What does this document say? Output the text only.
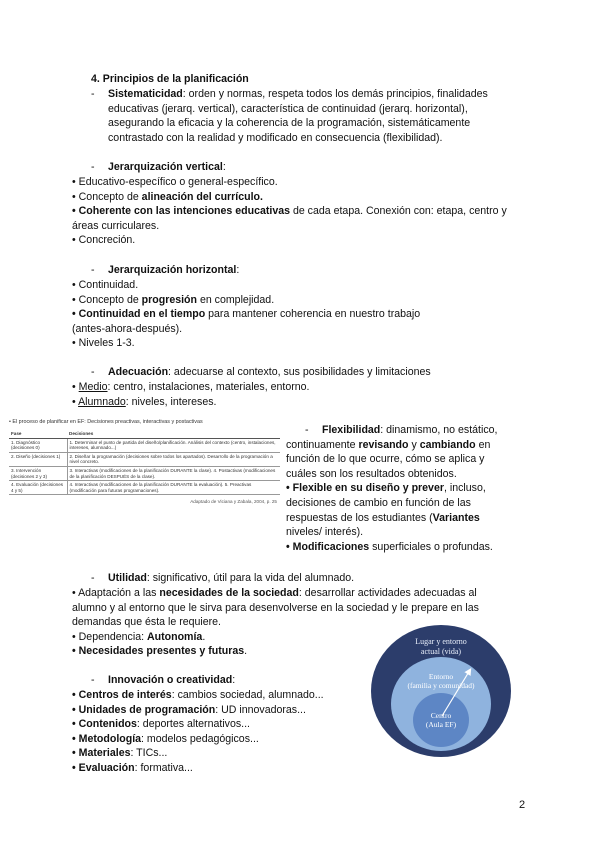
4. Principios de la planificación
- Sistematicidad: orden y normas, respeta todos los demás principios, finalidades

educativas (jerarq. vertical), característica de continuidad (jerarq. horizontal),

asegurando la eficacia y la coherencia de la programación, sistemáticamente

contrastado con la realidad y modificado en consecuencia (flexibilidad).

- Jerarquización vertical:

• Educativo-específico o general-específico.

• Concepto de alineación del currículo.

• Coherente con las intenciones educativas de cada etapa. Conexión con: etapa, centro y

áreas curriculares.

• Concreción.

- Jerarquización horizontal:

• Continuidad.

• Concepto de progresión en complejidad.

• Continuidad en el tiempo para mantener coherencia en nuestro trabajo

(antes-ahora-después).

• Niveles 1-3.

- Adecuación: adecuarse al contexto, sus posibilidades y limitaciones

• Medio: centro, instalaciones, materiales, entorno.

• Alumnado: niveles, intereses.

• El proceso de planificar en EF: Decisiones preactivas, interactivas y postactivas
Fase	Decisiones
1. Diagnóstico (decisiones 0)	1. Determinar el punto de partida del diseño/planificación. Análisis del contexto (centro, instalaciones, intereses, alumnado...)
2. Diseño (decisiones 1)	2. Diseñar la programación (decisiones sobre todos los apartados). Desarrollo de la programación a nivel concreto.
3. Intervención (decisiones 2 y 3)	3. Interactivas (modificaciones de la planificación DURANTE la clase). 4. Postactivas (modificaciones de la planificación DESPUÉS de la clase).
4. Evaluación (decisiones 4 y 5)	4. Interactivas (modificaciones de la planificación DURANTE la evaluación). 5. Preactivas (modificación para futuras programaciones).
Adaptado de Viciana y Zabala, 2004, p. 25
-	Flexibilidad: dinamismo, no estático,

continuamente revisando y cambiando en

función de lo que ocurre, cómo se aplica y

cuáles son los resultados obtenidos.

• Flexible en su diseño y prever, incluso,

decisiones de cambio en función de las

respuestas de los estudiantes (Variantes

niveles/ interés).

• Modificaciones superficiales o profundas.

- Utilidad: significativo, útil para la vida del alumnado.

• Adaptación a las necesidades de la sociedad: desarrollar actividades adecuadas al

alumno y al entorno que le sirva para desenvolverse en la sociedad y le prepare en las

demandas que ésta le requiere.

• Dependencia: Autonomía.

• Necesidades presentes y futuras.

- Innovación o creatividad:

• Centros de interés: cambios sociedad, alumnado...

• Unidades de programación: UD innovadoras...

• Contenidos: deportes alternativos...

• Metodología: modelos pedagógicos...

• Materiales: TICs...

• Evaluación: formativa...

Lugar y entorno
actual (vida)
Entorno
(familia y comunidad)
Centro
(Aula EF)
2
